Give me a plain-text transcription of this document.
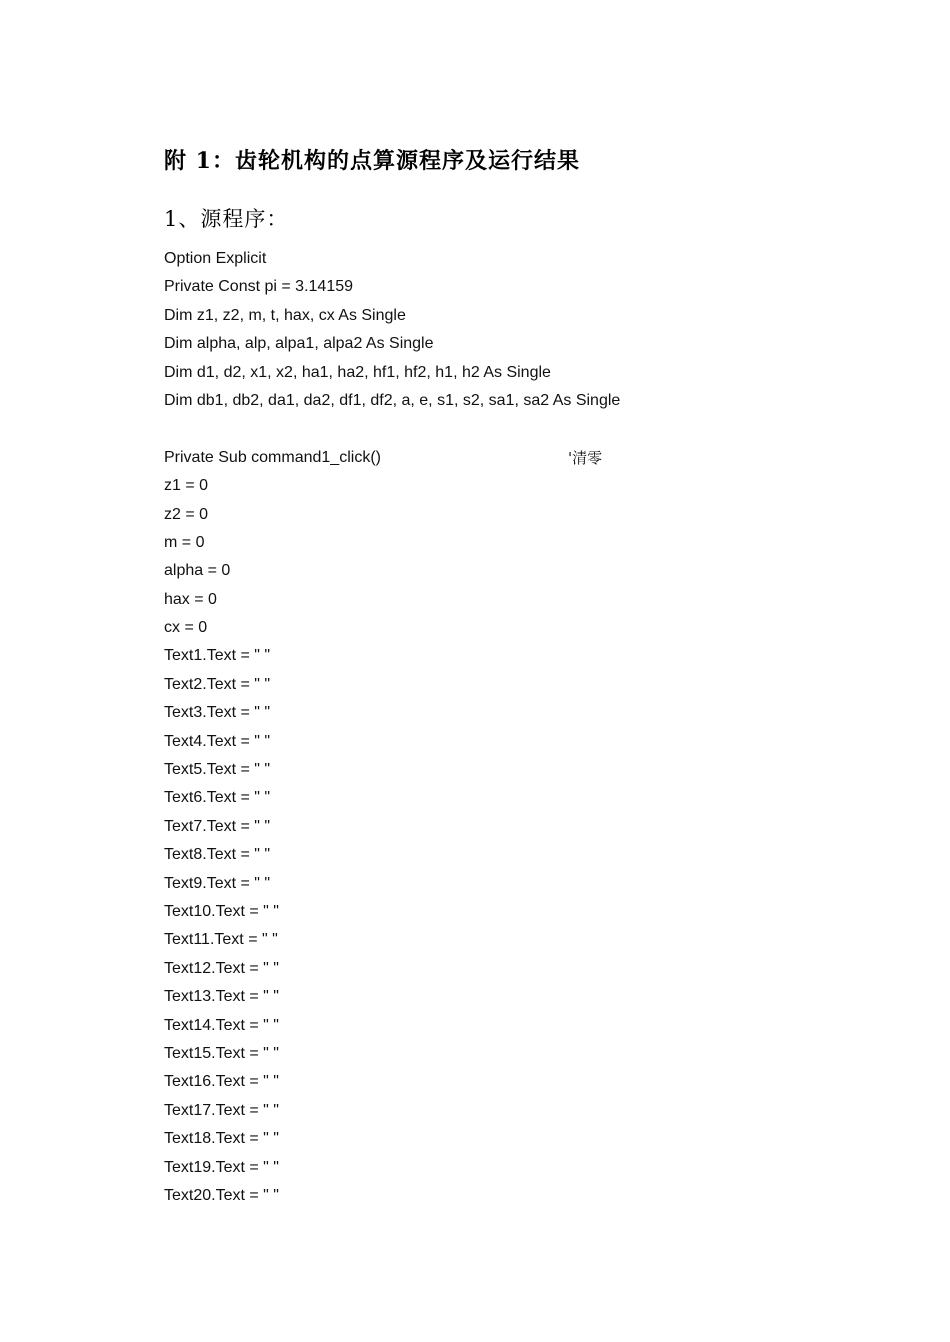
附 1：齿轮机构的点算源程序及运行结果
1、源程序：
Option Explicit
Private Const pi = 3.14159
Dim z1, z2, m, t, hax, cx As Single
Dim alpha, alp, alpa1, alpa2 As Single
Dim d1, d2, x1, x2, ha1, ha2, hf1, hf2, h1, h2 As Single
Dim db1, db2, da1, da2, df1, df2, a, e, s1, s2, sa1, sa2 As Single
Private Sub command1_click()	'清零
z1 = 0
z2 = 0
m = 0
alpha = 0
hax = 0
cx = 0
Text1.Text = " "
Text2.Text = " "
Text3.Text = " "
Text4.Text = " "
Text5.Text = " "
Text6.Text = " "
Text7.Text = " "
Text8.Text = " "
Text9.Text = " "
Text10.Text = " "
Text11.Text = " "
Text12.Text = " "
Text13.Text = " "
Text14.Text = " "
Text15.Text = " "
Text16.Text = " "
Text17.Text = " "
Text18.Text = " "
Text19.Text = " "
Text20.Text = " "
